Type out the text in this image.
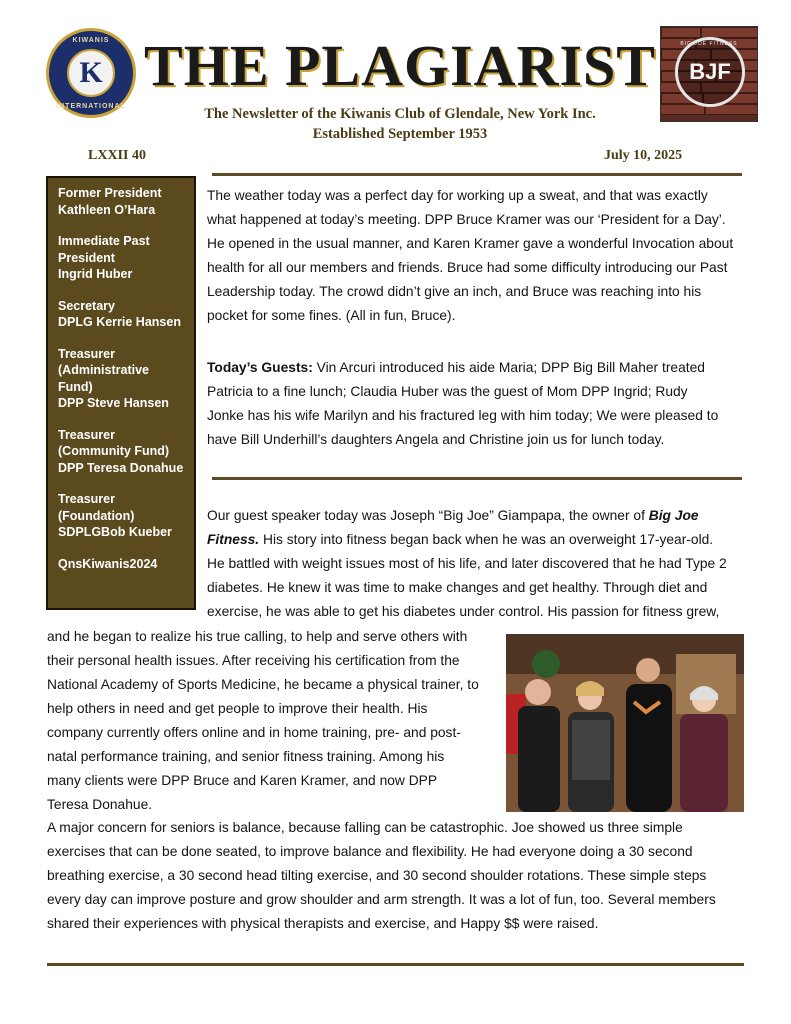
KIWANIS
K
INTERNATIONAL
THE PLAGIARIST
The Newsletter of the Kiwanis Club of Glendale, New York Inc.
Established September 1953
BJF
BIG JOE FITNESS
LXXII 40	July 10, 2025
Former President
Kathleen O’Hara
Immediate Past
President
Ingrid Huber
Secretary
DPLG Kerrie Hansen
Treasurer
(Administrative
Fund)
DPP Steve Hansen
Treasurer
(Community Fund)
DPP Teresa Donahue
Treasurer
(Foundation)
SDPLGBob Kueber
QnsKiwanis2024
The weather today was a perfect day for working up a sweat, and that was exactly
what happened at today’s meeting. DPP Bruce Kramer was our ‘President for a Day’.
He opened in the usual manner, and Karen Kramer gave a wonderful Invocation about
health for all our members and friends. Bruce had some difficulty introducing our Past
Leadership today. The crowd didn’t give an inch, and Bruce was reaching into his
pocket for some fines. (All in fun, Bruce).
Today’s Guests: Vin Arcuri introduced his aide Maria; DPP Big Bill Maher treated
Patricia to a fine lunch; Claudia Huber was the guest of Mom DPP Ingrid; Rudy
Jonke has his wife Marilyn and his fractured leg with him today; We were pleased to
have Bill Underhill’s daughters Angela and Christine join us for lunch today.
Our guest speaker today was Joseph “Big Joe” Giampapa, the owner of Big Joe
Fitness. His story into fitness began back when he was an overweight 17-year-old.
He battled with weight issues most of his life, and later discovered that he had Type 2
diabetes. He knew it was time to make changes and get healthy. Through diet and
exercise, he was able to get his diabetes under control. His passion for fitness grew,
and he began to realize his true calling, to help and serve others with
their personal health issues. After receiving his certification from the
National Academy of Sports Medicine, he became a physical trainer, to
help others in need and get people to improve their health. His
company currently offers online and in home training, pre- and post-
natal performance training, and senior fitness training. Among his
many clients were DPP Bruce and Karen Kramer, and now DPP
Teresa Donahue.
A major concern for seniors is balance, because falling can be catastrophic. Joe showed us three simple
exercises that can be done seated, to improve balance and flexibility. He had everyone doing a 30 second
breathing exercise, a 30 second head tilting exercise, and 30 second shoulder rotations. These simple steps
every day can improve posture and grow shoulder and arm strength. It was a lot of fun, too. Several members
shared their experiences with physical therapists and exercise, and Happy $$ were raised.
